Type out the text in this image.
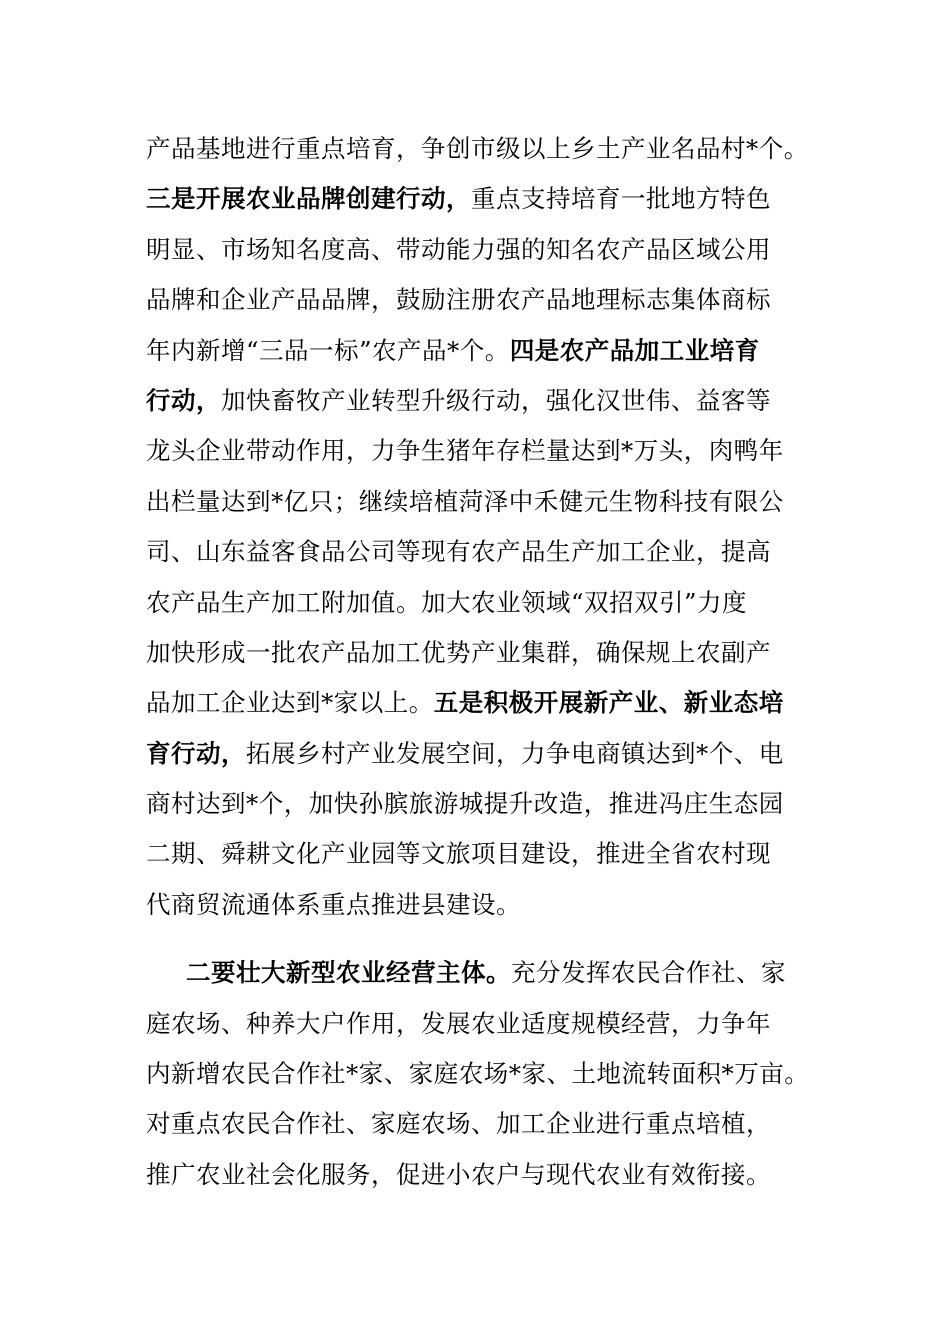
产品基地进行重点培育，争创市级以上乡土产业名品村*个。
三是开展农业品牌创建行动，重点支持培育一批地方特色
明显、市场知名度高、带动能力强的知名农产品区域公用
品牌和企业产品品牌，鼓励注册农产品地理标志集体商标
年内新增“三品一标”农产品*个。四是农产品加工业培育
行动，加快畜牧产业转型升级行动，强化汉世伟、益客等
龙头企业带动作用，力争生猪年存栏量达到*万头，肉鸭年
出栏量达到*亿只；继续培植菏泽中禾健元生物科技有限公
司、山东益客食品公司等现有农产品生产加工企业，提高
农产品生产加工附加值。加大农业领域“双招双引”力度
加快形成一批农产品加工优势产业集群，确保规上农副产
品加工企业达到*家以上。五是积极开展新产业、新业态培
育行动，拓展乡村产业发展空间，力争电商镇达到*个、电
商村达到*个，加快孙膑旅游城提升改造，推进冯庄生态园
二期、舜耕文化产业园等文旅项目建设，推进全省农村现
代商贸流通体系重点推进县建设。
二要壮大新型农业经营主体。充分发挥农民合作社、家
庭农场、种养大户作用，发展农业适度规模经营，力争年
内新增农民合作社*家、家庭农场*家、土地流转面积*万亩。
对重点农民合作社、家庭农场、加工企业进行重点培植，
推广农业社会化服务，促进小农户与现代农业有效衔接。
